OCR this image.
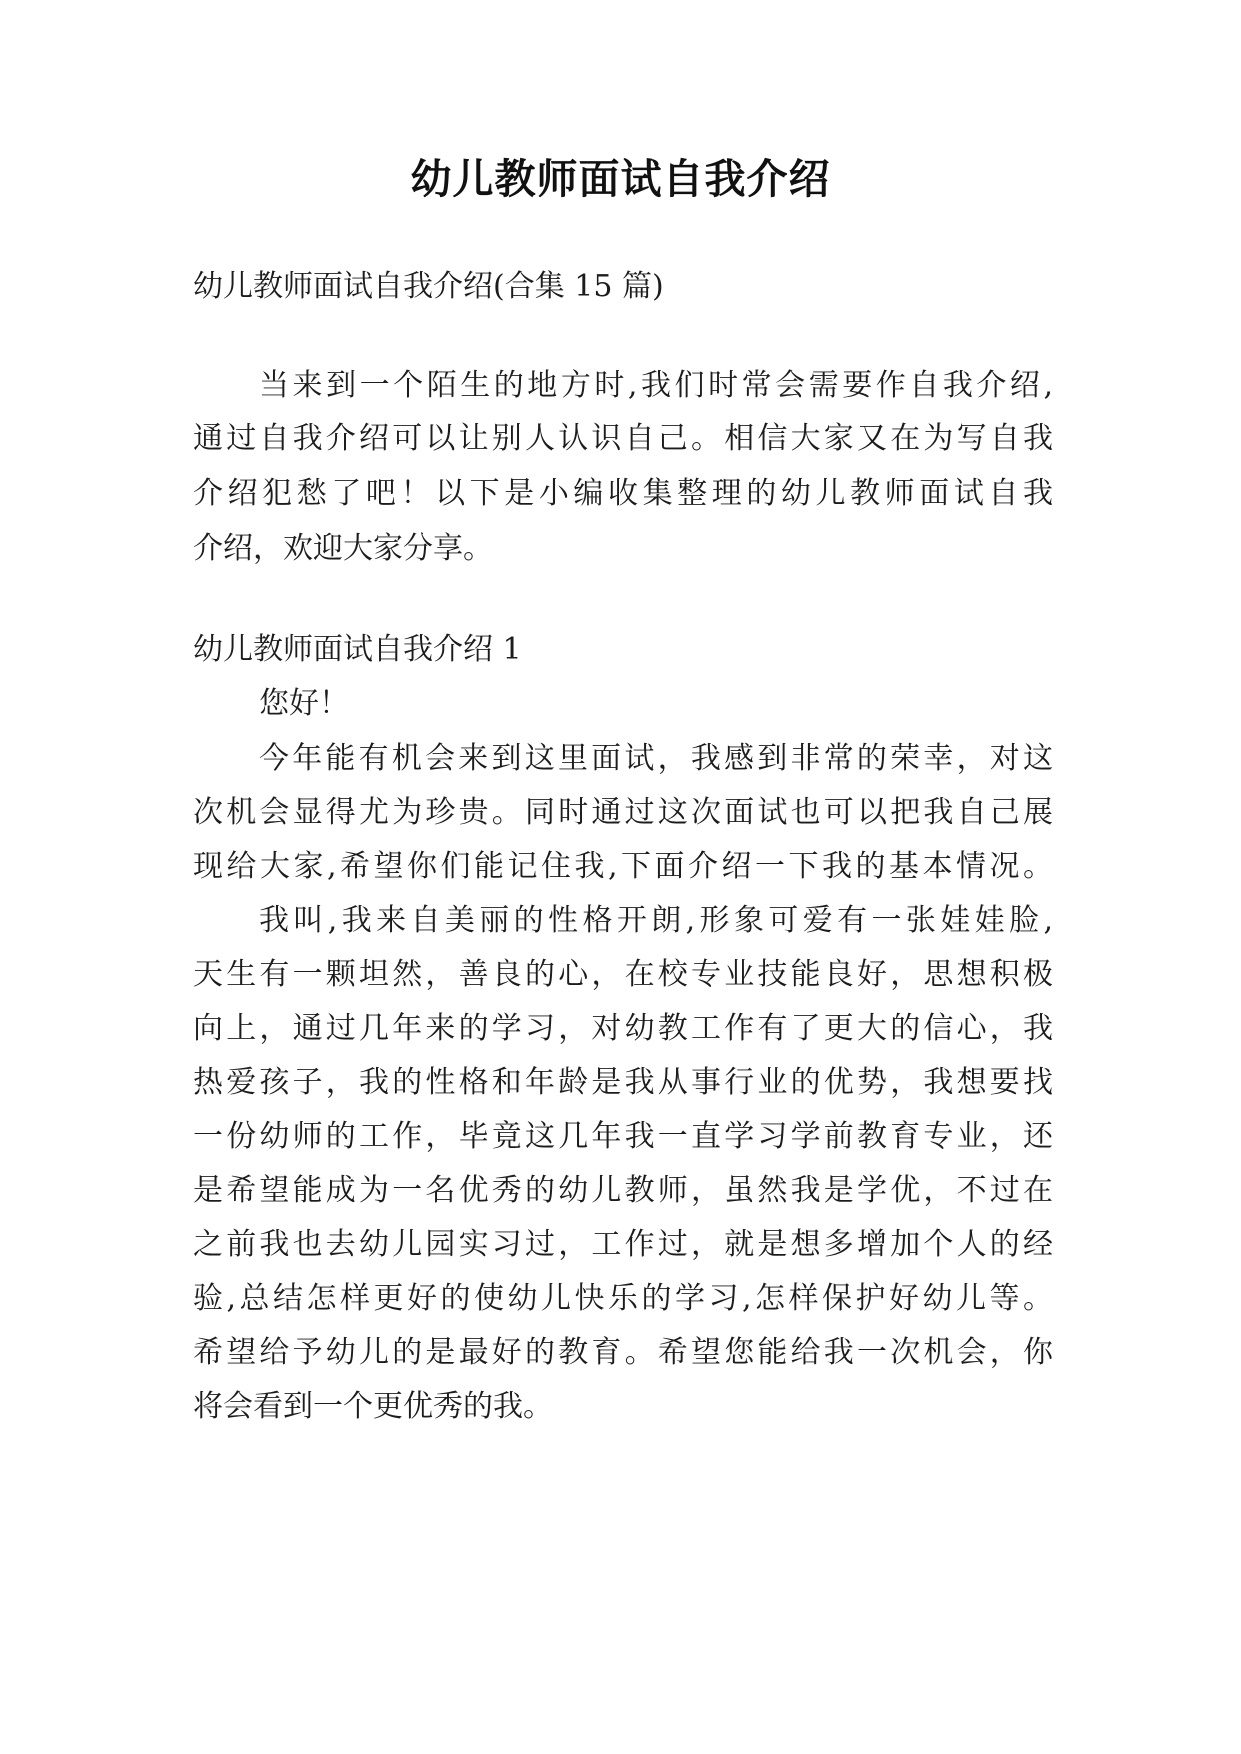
幼儿教师面试自我介绍
幼儿教师面试自我介绍(合集 15 篇)
当来到一个陌生的地方时,我们时常会需要作自我介绍,
通过自我介绍可以让别人认识自己。相信大家又在为写自我
介绍犯愁了吧！以下是小编收集整理的幼儿教师面试自我
介绍，欢迎大家分享。
幼儿教师面试自我介绍 1
您好！
今年能有机会来到这里面试，我感到非常的荣幸，对这
次机会显得尤为珍贵。同时通过这次面试也可以把我自己展
现给大家,希望你们能记住我,下面介绍一下我的基本情况。
我叫,我来自美丽的性格开朗,形象可爱有一张娃娃脸,
天生有一颗坦然，善良的心，在校专业技能良好，思想积极
向上，通过几年来的学习，对幼教工作有了更大的信心，我
热爱孩子，我的性格和年龄是我从事行业的优势，我想要找
一份幼师的工作，毕竟这几年我一直学习学前教育专业，还
是希望能成为一名优秀的幼儿教师，虽然我是学优，不过在
之前我也去幼儿园实习过，工作过，就是想多增加个人的经
验,总结怎样更好的使幼儿快乐的学习,怎样保护好幼儿等。
希望给予幼儿的是最好的教育。希望您能给我一次机会，你
将会看到一个更优秀的我。
